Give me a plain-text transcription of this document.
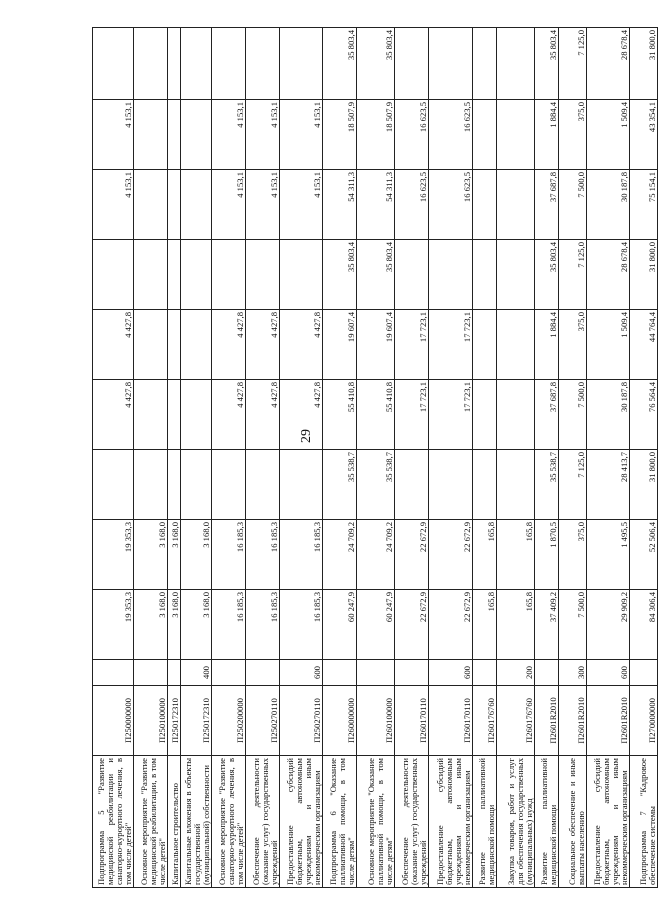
29
Подпрограмма 5 "Развитие медицинской реабилитации и санаторно-курортного лечения, в том числе детей"	П250000000		19 353,3	19 353,3		4 427,8	4 427,8		4 153,1	4 153,1	
Основное мероприятие "Развитие медицинской реабилитации, в том числе детей"	П250100000		3 168,0	3 168,0							
Капитальное строительство	П250172310		3 168,0	3 168,0							
Капитальные вложения в объекты государственной (муниципальной) собственности	П250172310	400	3 168,0	3 168,0							
Основное мероприятие "Развитие санаторно-курортного лечения, в том числе детей"	П250200000		16 185,3	16 185,3		4 427,8	4 427,8		4 153,1	4 153,1	
Обеспечение деятельности (оказание услуг) государственных учреждений	П250270110		16 185,3	16 185,3		4 427,8	4 427,8		4 153,1	4 153,1	
Предоставление субсидий бюджетным, автономным учреждениям и иным некоммерческим организациям	П250270110	600	16 185,3	16 185,3		4 427,8	4 427,8		4 153,1	4 153,1	
Подпрограмма 6 "Оказание паллиативной помощи, в том числе детям"	П260000000		60 247,9	24 709,2	35 538,7	55 410,8	19 607,4	35 803,4	54 311,3	18 507,9	35 803,4
Основное мероприятие "Оказание паллиативной помощи, в том числе детям"	П260100000		60 247,9	24 709,2	35 538,7	55 410,8	19 607,4	35 803,4	54 311,3	18 507,9	35 803,4
Обеспечение деятельности (оказание услуг) государственных учреждений	П260170110		22 672,9	22 672,9		17 723,1	17 723,1		16 623,5	16 623,5	
Предоставление субсидий бюджетным, автономным учреждениям и иным некоммерческим организациям	П260170110	600	22 672,9	22 672,9		17 723,1	17 723,1		16 623,5	16 623,5	
Развитие паллиативной медицинской помощи	П260176760		165,8	165,8							
Закупка товаров, работ и услуг для обеспечения государственных (муниципальных) нужд	П260176760	200	165,8	165,8							
Развитие паллиативной медицинской помощи	П2601R2010		37 409,2	1 870,5	35 538,7	37 687,8	1 884,4	35 803,4	37 687,8	1 884,4	35 803,4
Социальное обеспечение и иные выплаты населению	П2601R2010	300	7 500,0	375,0	7 125,0	7 500,0	375,0	7 125,0	7 500,0	375,0	7 125,0
Предоставление субсидий бюджетным, автономным учреждениям и иным некоммерческим организациям	П2601R2010	600	29 909,2	1 495,5	28 413,7	30 187,8	1 509,4	28 678,4	30 187,8	1 509,4	28 678,4
Подпрограмма 7 "Кадровое обеспечение системы	П270000000		84 306,4	52 506,4	31 800,0	76 564,4	44 764,4	31 800,0	75 154,1	43 354,1	31 800,0
